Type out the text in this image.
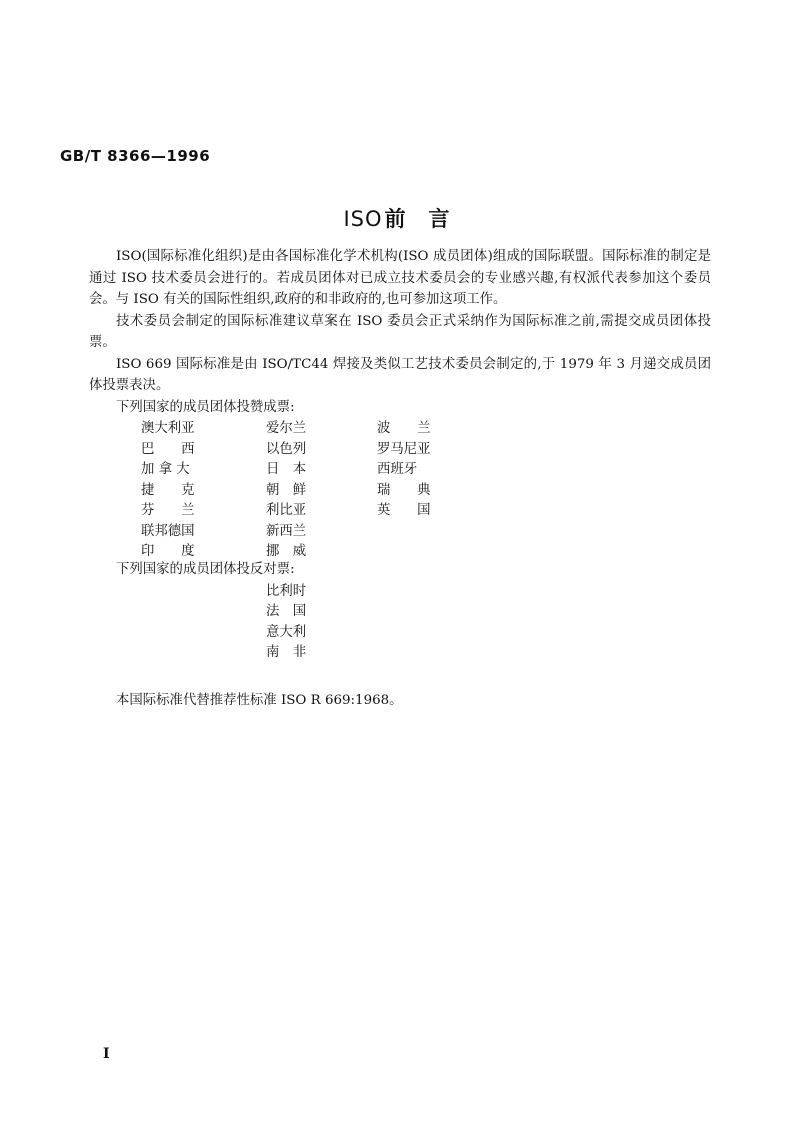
GB/T 8366—1996
ISO前 言

ISO(国际标准化组织)是由各国标准化学术机构(ISO 成员团体)组成的国际联盟。国际标准的制定是通过 ISO 技术委员会进行的。若成员团体对已成立技术委员会的专业感兴趣,有权派代表参加这个委员会。与 ISO 有关的国际性组织,政府的和非政府的,也可参加这项工作。

技术委员会制定的国际标准建议草案在 ISO 委员会正式采纳作为国际标准之前,需提交成员团体投票。

ISO 669 国际标准是由 ISO/TC44 焊接及类似工艺技术委员会制定的,于 1979 年 3 月递交成员团体投票表决。

下列国家的成员团体投赞成票:

澳大利亚
巴　　西
加 拿 大
捷　　克
芬　　兰
联邦德国
印　　度
爱尔兰
以色列
日　本
朝　鲜
利比亚
新西兰
挪　威
波　　兰
罗马尼亚
西班牙
瑞　　典
英　　国

下列国家的成员团体投反对票:

比利时
法　国
意大利
南　非
本国际标准代替推荐性标准 ISO R 669:1968。
I
